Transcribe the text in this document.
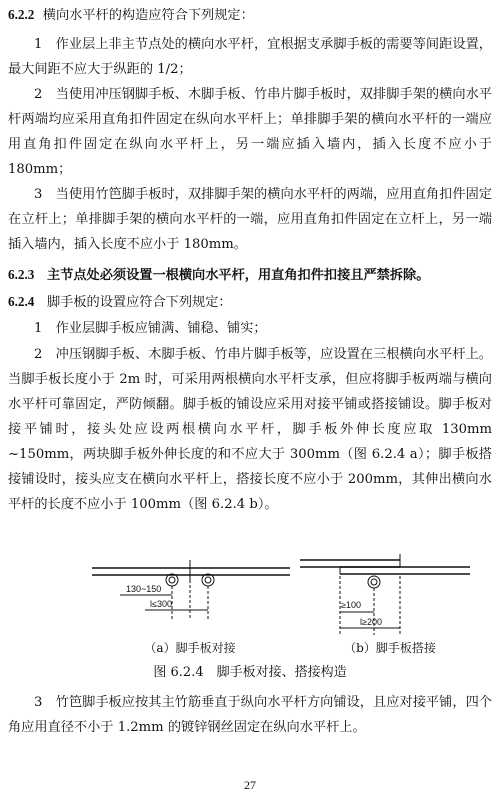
6.2.2 横向水平杆的构造应符合下列规定：

1　作业层上非主节点处的横向水平杆，宜根据支承脚手板的需要等间距设置，最大间距不应大于纵距的 1/2；

2　当使用冲压钢脚手板、木脚手板、竹串片脚手板时，双排脚手架的横向水平杆两端均应采用直角扣件固定在纵向水平杆上；单排脚手架的横向水平杆的一端应用直角扣件固定在纵向水平杆上，另一端应插入墙内，插入长度不应小于 180mm；

3　当使用竹笆脚手板时，双排脚手架的横向水平杆的两端，应用直角扣件固定在立杆上；单排脚手架的横向水平杆的一端，应用直角扣件固定在立杆上，另一端插入墙内，插入长度不应小于 180mm。

6.2.3 主节点处必须设置一根横向水平杆，用直角扣件扣接且严禁拆除。

6.2.4 脚手板的设置应符合下列规定：

1　作业层脚手板应铺满、铺稳、铺实；

2　冲压钢脚手板、木脚手板、竹串片脚手板等，应设置在三根横向水平杆上。当脚手板长度小于 2m 时，可采用两根横向水平杆支承，但应将脚手板两端与横向水平杆可靠固定，严防倾翻。脚手板的铺设应采用对接平铺或搭接铺设。脚手板对接平铺时，接头处应设两根横向水平杆，脚手板外伸长度应取 130mm ~150mm，两块脚手板外伸长度的和不应大于 300mm（图 6.2.4 a）；脚手板搭接铺设时，接头应支在横向水平杆上，搭接长度不应小于 200mm，其伸出横向水平杆的长度不应小于 100mm（图 6.2.4 b）。

130~150
l≤300	≥100
l≥200
（a）脚手板对接	（b）脚手板搭接
图 6.2.4　脚手板对接、搭接构造

3　竹笆脚手板应按其主竹筋垂直于纵向水平杆方向铺设，且应对接平铺，四个角应用直径不小于 1.2mm 的镀锌钢丝固定在纵向水平杆上。

27
